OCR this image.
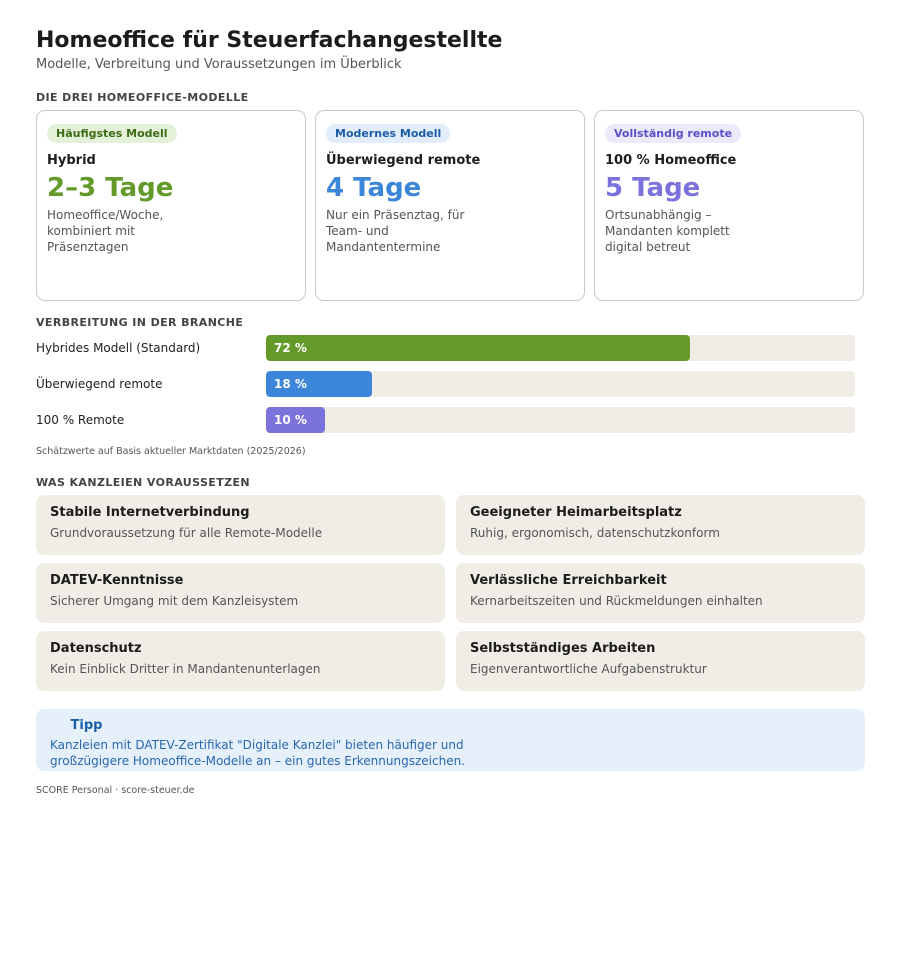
Homeoffice für Steuerfachangestellte
Modelle, Verbreitung und Voraussetzungen im Überblick
DIE DREI HOMEOFFICE-MODELLE
Häufigstes Modell
Hybrid
2–3 Tage
Homeoffice/Woche, kombiniert mit Präsenztagen
Modernes Modell
Überwiegend remote
4 Tage
Nur ein Präsenztag, für Team- und Mandantentermine
Vollständig remote
100 % Homeoffice
5 Tage
Ortsunabhängig – Mandanten komplett digital betreut
VERBREITUNG IN DER BRANCHE
Hybrides Modell (Standard)	72 %
Überwiegend remote	18 %
100 % Remote	10 %
Schätzwerte auf Basis aktueller Marktdaten (2025/2026)
WAS KANZLEIEN VORAUSSETZEN
Stabile Internetverbindung
Grundvoraussetzung für alle Remote-Modelle
Geeigneter Heimarbeitsplatz
Ruhig, ergonomisch, datenschutzkonform
DATEV-Kenntnisse
Sicherer Umgang mit dem Kanzleisystem
Verlässliche Erreichbarkeit
Kernarbeitszeiten und Rückmeldungen einhalten
Datenschutz
Kein Einblick Dritter in Mandantenunterlagen
Selbstständiges Arbeiten
Eigenverantwortliche Aufgabenstruktur
Tipp
Kanzleien mit DATEV-Zertifikat "Digitale Kanzlei" bieten häufiger und großzügigere Homeoffice-Modelle an – ein gutes Erkennungszeichen.
SCORE Personal · score-steuer.de
